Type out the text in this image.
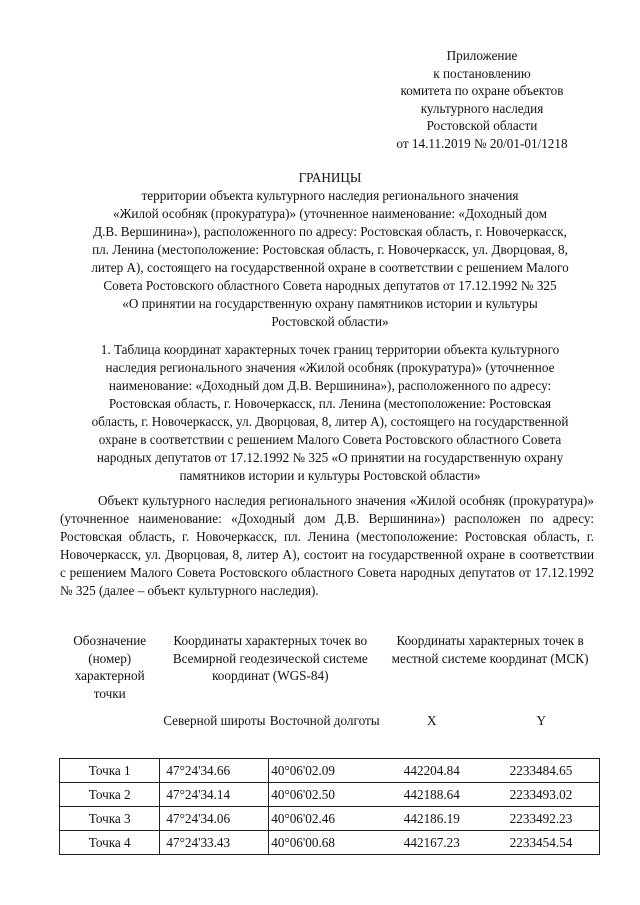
Приложение
к постановлению
комитета по охране объектов
культурного наследия
Ростовской области
от 14.11.2019 № 20/01-01/1218
ГРАНИЦЫ
территории объекта культурного наследия регионального значения
«Жилой особняк (прокуратура)» (уточненное наименование: «Доходный дом
Д.В. Вершинина»), расположенного по адресу: Ростовская область, г. Новочеркасск,
пл. Ленина (местоположение: Ростовская область, г. Новочеркасск, ул. Дворцовая, 8,
литер А), состоящего на государственной охране в соответствии с решением Малого
Совета Ростовского областного Совета народных депутатов от 17.12.1992 № 325
«О принятии на государственную охрану памятников истории и культуры
Ростовской области»
1. Таблица координат характерных точек границ территории объекта культурного
наследия регионального значения «Жилой особняк (прокуратура)» (уточненное
наименование: «Доходный дом Д.В. Вершинина»), расположенного по адресу:
Ростовская область, г. Новочеркасск, пл. Ленина (местоположение: Ростовская
область, г. Новочеркасск, ул. Дворцовая, 8, литер А), состоящего на государственной
охране в соответствии с решением Малого Совета Ростовского областного Совета
народных депутатов от 17.12.1992 № 325 «О принятии на государственную охрану
памятников истории и культуры Ростовской области»
Объект культурного наследия регионального значения «Жилой особняк (прокуратура)» (уточненное наименование: «Доходный дом Д.В. Вершинина») расположен по адресу: Ростовская область, г. Новочеркасск, пл. Ленина (местоположение: Ростовская область, г. Новочеркасск, ул. Дворцовая, 8, литер А), состоит на государственной охране в соответствии с решением Малого Совета Ростовского областного Совета народных депутатов от 17.12.1992 № 325 (далее – объект культурного наследия).
Обозначение (номер) характерной точки	Координаты характерных точек во Всемирной геодезической системе координат (WGS-84)		Координаты характерных точек в местной системе координат (МСК)	
	Северной широты	Восточной долготы	X	Y
Точка 1	47°24'34.66	40°06'02.09	442204.84	2233484.65
Точка 2	47°24'34.14	40°06'02.50	442188.64	2233493.02
Точка 3	47°24'34.06	40°06'02.46	442186.19	2233492.23
Точка 4	47°24'33.43	40°06'00.68	442167.23	2233454.54
